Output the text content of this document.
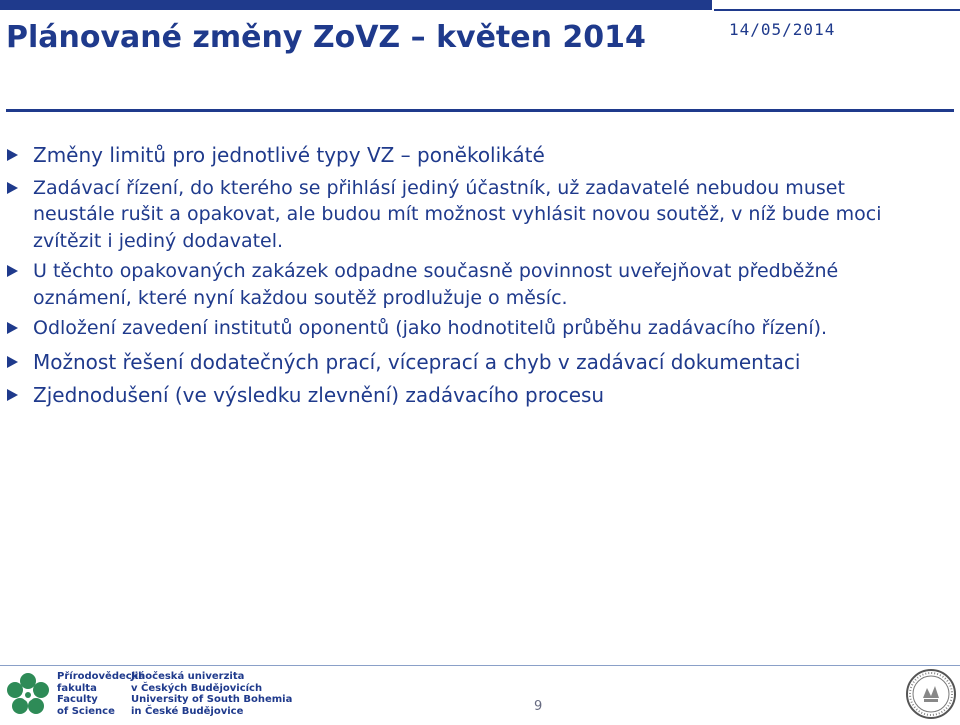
Plánované změny ZoVZ – květen 2014	14/05/2014

Změny limitů pro jednotlivé typy VZ – ponĕkolikáté

Zadávací řízení, do kterého se přihlásí jediný účastník, už zadavatelé nebudou muset neustále rušit a opakovat, ale budou mít možnost vyhlásit novou soutěž, v níž bude moci zvítězit i jediný dodavatel.

U těchto opakovaných zakázek odpadne současně povinnost uveřejňovat předběžné oznámení, které nyní každou soutěž prodlužuje o měsíc.

Odložení zavedení institutů oponentů (jako hodnotitelů průběhu zadávacího řízení).

Možnost řešení dodatečných prací, víceprací a chyb v zadávací dokumentaci

Zjednodušení (ve výsledku zlevnění) zadávacího procesu

Přírodovědecká
fakulta
Faculty
of Science
Jihočeská univerzita
v Českých Budějovicích
University of South Bohemia
in České Budějovice	9
